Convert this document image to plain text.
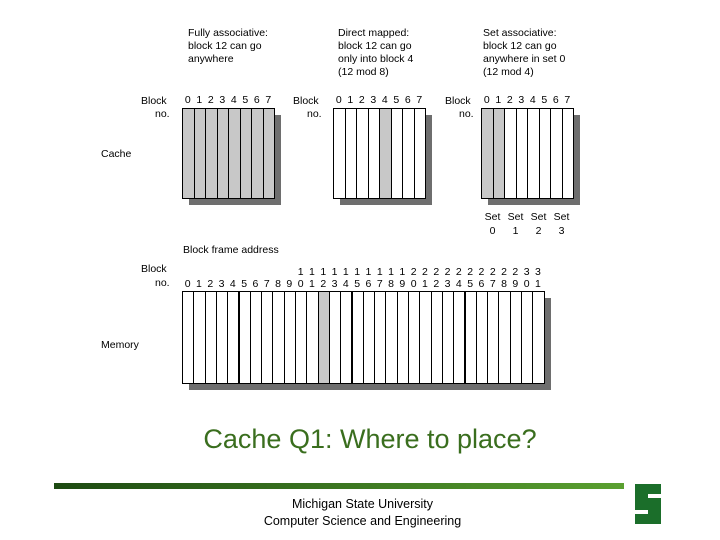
Fully associative:
block 12 can go
anywhere
Direct mapped:
block 12 can go
only into block 4
(12 mod 8)
Set associative:
block 12 can go
anywhere in set 0
(12 mod 4)
Block
no.
Block
no.
Block
no.
Cache
0 1 2 3 4 5 6 7	0 1 2 3 4 5 6 7	0 1 2 3 4 5 6 7
Set
0
Set
1
Set
2
Set
3
Block frame address
Block
no.
Memory
0 1 2 3 4 5 6 7 8 9
1
0
1
1
1
2
1
3
1
4
1
5
1
6
1
7
1
8
1
9
2
0
2
1
2
2
2
3
2
4
2
5
2
6
2
7
2
8
2
9
3
0
3
1
Cache Q1: Where to place?
Michigan State University
Computer Science and Engineering
